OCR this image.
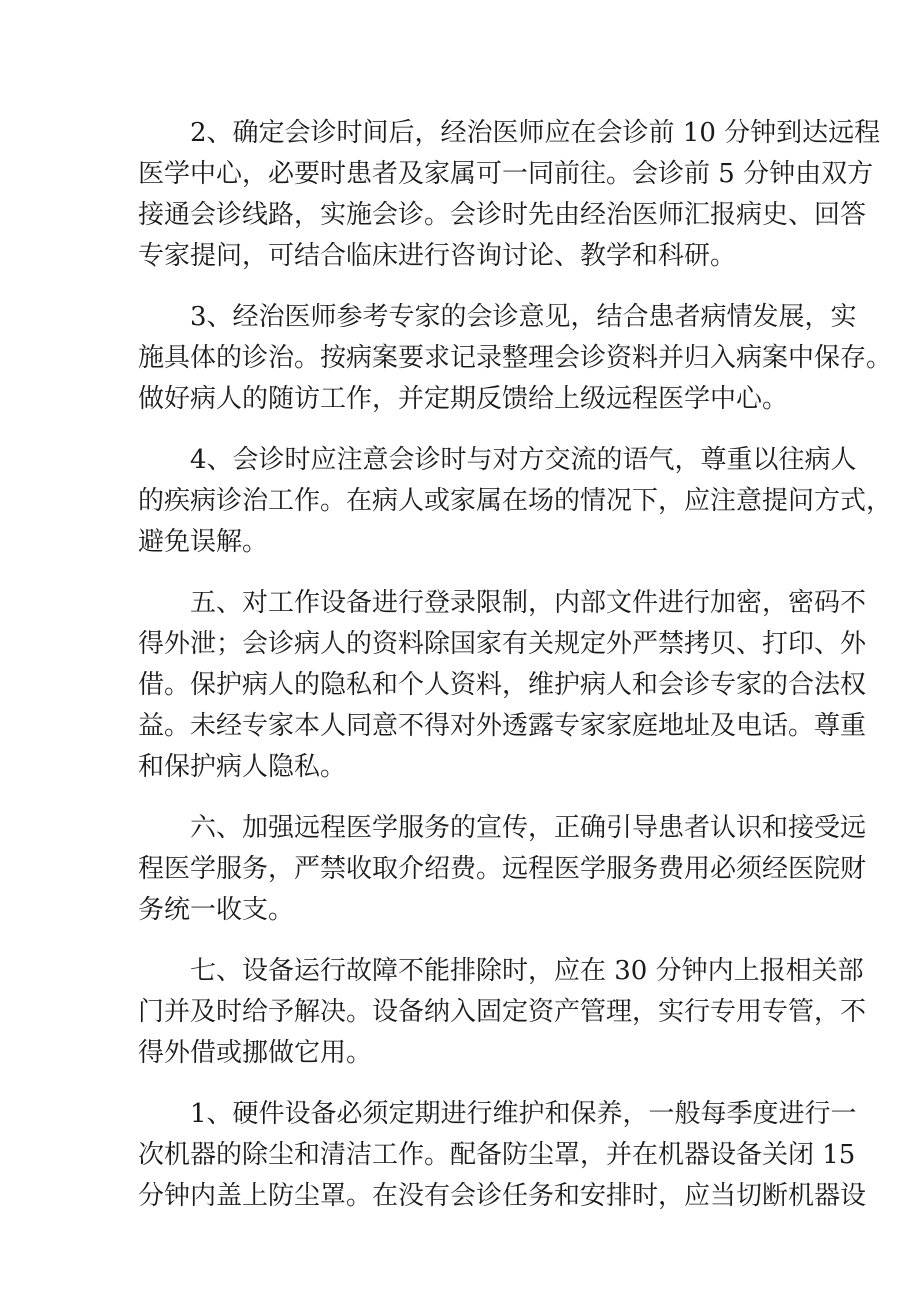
2、确定会诊时间后，经治医师应在会诊前 10 分钟到达远程

医学中心，必要时患者及家属可一同前往。会诊前 5 分钟由双方

接通会诊线路，实施会诊。会诊时先由经治医师汇报病史、回答

专家提问，可结合临床进行咨询讨论、教学和科研。

3、经治医师参考专家的会诊意见，结合患者病情发展，实

施具体的诊治。按病案要求记录整理会诊资料并归入病案中保存。

做好病人的随访工作，并定期反馈给上级远程医学中心。

4、会诊时应注意会诊时与对方交流的语气，尊重以往病人

的疾病诊治工作。在病人或家属在场的情况下，应注意提问方式，

避免误解。

五、对工作设备进行登录限制，内部文件进行加密，密码不

得外泄；会诊病人的资料除国家有关规定外严禁拷贝、打印、外

借。保护病人的隐私和个人资料，维护病人和会诊专家的合法权

益。未经专家本人同意不得对外透露专家家庭地址及电话。尊重

和保护病人隐私。

六、加强远程医学服务的宣传，正确引导患者认识和接受远

程医学服务，严禁收取介绍费。远程医学服务费用必须经医院财

务统一收支。

七、设备运行故障不能排除时，应在 30 分钟内上报相关部

门并及时给予解决。设备纳入固定资产管理，实行专用专管，不

得外借或挪做它用。

1、硬件设备必须定期进行维护和保养，一般每季度进行一

次机器的除尘和清洁工作。配备防尘罩，并在机器设备关闭 15

分钟内盖上防尘罩。在没有会诊任务和安排时，应当切断机器设
